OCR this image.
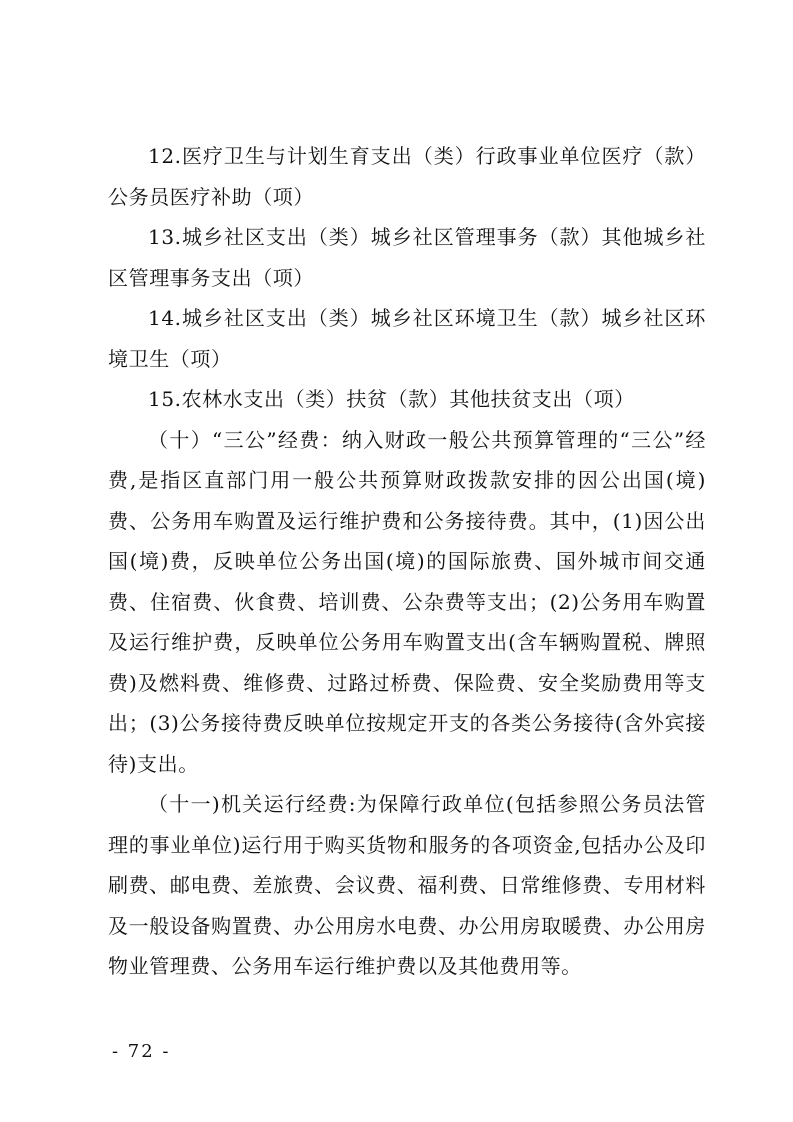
12.医疗卫生与计划生育支出（类）行政事业单位医疗（款）公务员医疗补助（项）

13.城乡社区支出（类）城乡社区管理事务（款）其他城乡社区管理事务支出（项）

14.城乡社区支出（类）城乡社区环境卫生（款）城乡社区环境卫生（项）

15.农林水支出（类）扶贫（款）其他扶贫支出（项）

（十）“三公”经费：纳入财政一般公共预算管理的“三公”经费,是指区直部门用一般公共预算财政拨款安排的因公出国(境)费、公务用车购置及运行维护费和公务接待费。其中，(1)因公出国(境)费，反映单位公务出国(境)的国际旅费、国外城市间交通费、住宿费、伙食费、培训费、公杂费等支出；(2)公务用车购置及运行维护费，反映单位公务用车购置支出(含车辆购置税、牌照费)及燃料费、维修费、过路过桥费、保险费、安全奖励费用等支出；(3)公务接待费反映单位按规定开支的各类公务接待(含外宾接待)支出。

（十一)机关运行经费:为保障行政单位(包括参照公务员法管理的事业单位)运行用于购买货物和服务的各项资金,包括办公及印刷费、邮电费、差旅费、会议费、福利费、日常维修费、专用材料及一般设备购置费、办公用房水电费、办公用房取暖费、办公用房物业管理费、公务用车运行维护费以及其他费用等。

- 72 -
